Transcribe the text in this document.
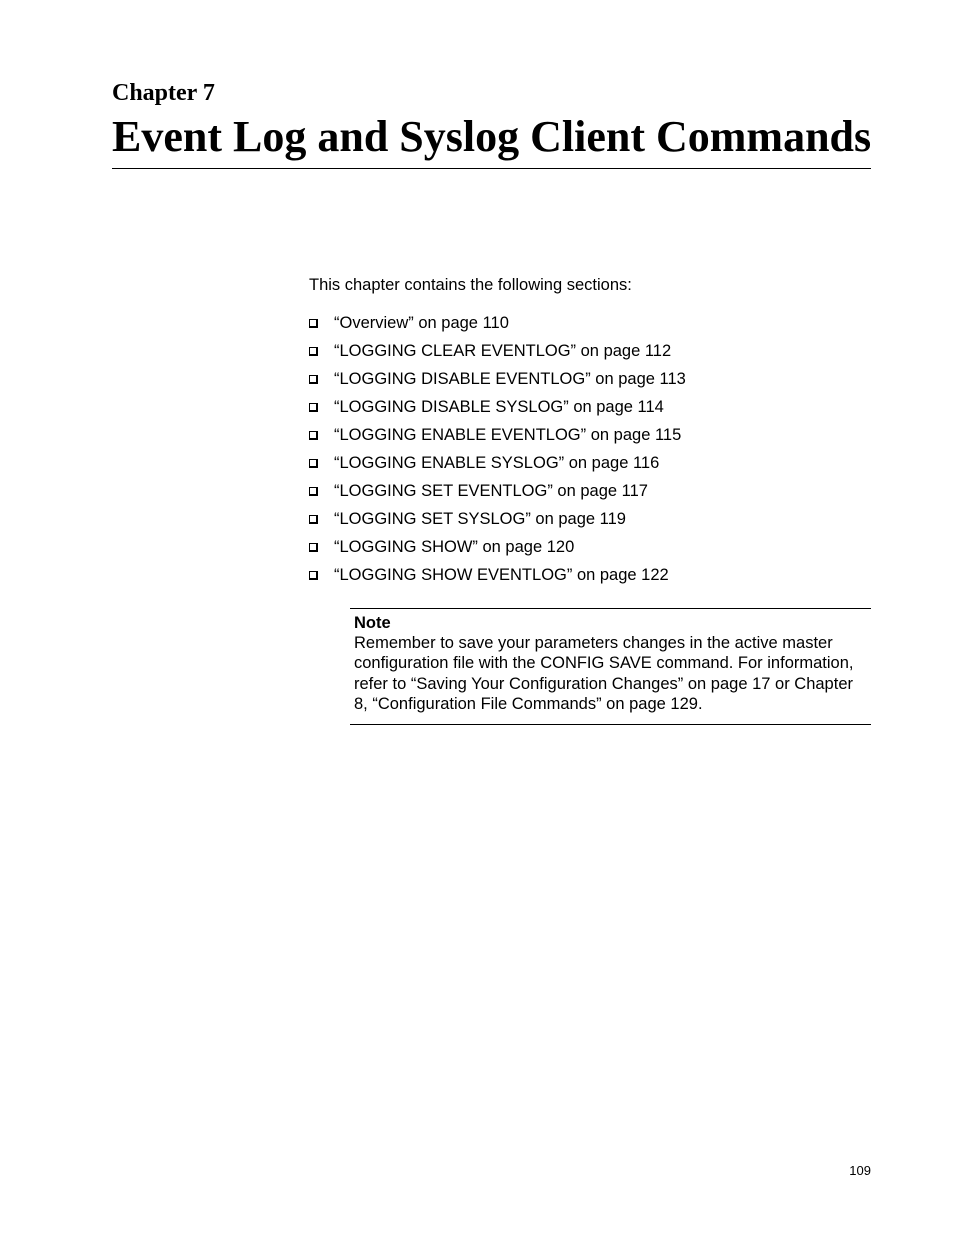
Chapter 7
Event Log and Syslog Client Commands

This chapter contains the following sections:

“Overview” on page 110
“LOGGING CLEAR EVENTLOG” on page 112
“LOGGING DISABLE EVENTLOG” on page 113
“LOGGING DISABLE SYSLOG” on page 114
“LOGGING ENABLE EVENTLOG” on page 115
“LOGGING ENABLE SYSLOG” on page 116
“LOGGING SET EVENTLOG” on page 117
“LOGGING SET SYSLOG” on page 119
“LOGGING SHOW” on page 120
“LOGGING SHOW EVENTLOG” on page 122

Note

Remember to save your parameters changes in the active master configuration file with the CONFIG SAVE command. For information, refer to “Saving Your Configuration Changes” on page 17 or Chapter 8, “Configuration File Commands” on page 129.

109
